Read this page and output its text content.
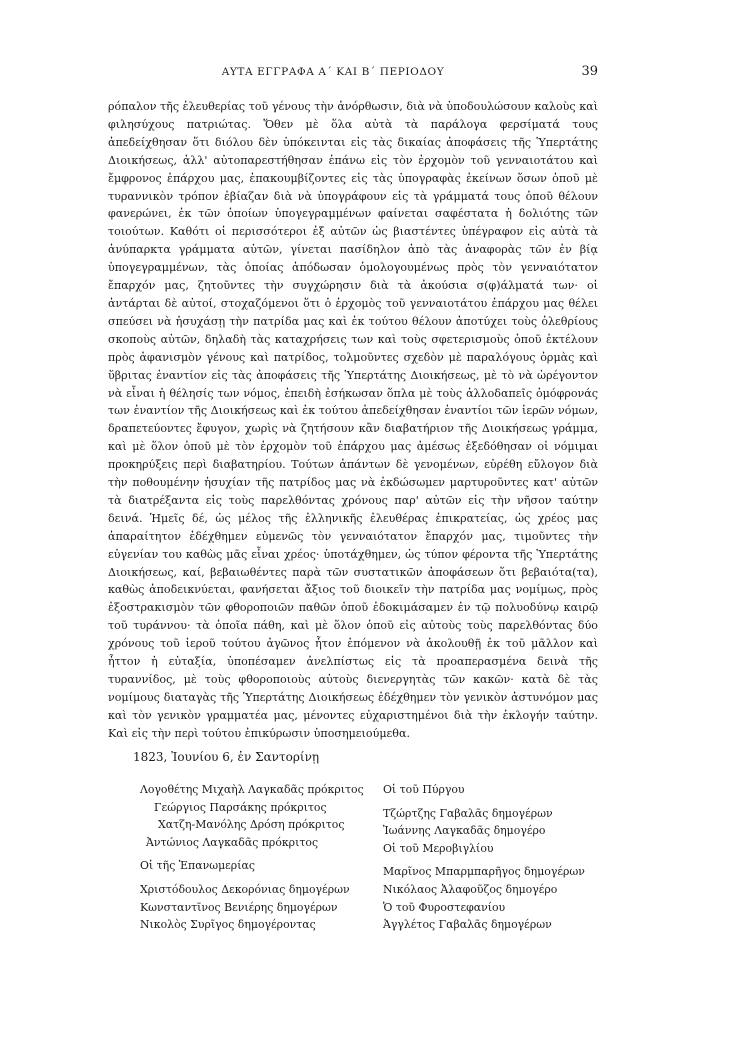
ΑΥΤΑ ΕΓΓΡΑΦΑ Α΄ ΚΑΙ Β΄ ΠΕΡΙΟΔΟΥ	39

ρόπαλον τῆς ἐλευθερίας τοῦ γένους τὴν ἀνόρθωσιν, διὰ νὰ ὑποδουλώσουν καλοὺς καὶ φιλησύχους πατριώτας. Ὅθεν μὲ ὅλα αὐτὰ τὰ παράλογα φερσίματά τους ἀπεδείχθησαν ὅτι διόλου δὲν ὑπόκεινται εἰς τὰς δικαίας ἀποφάσεις τῆς Ὑπερτάτης Διοικήσεως, ἀλλ' αὐτοπαρεστήθησαν ἐπάνω εἰς τὸν ἐρχομὸν τοῦ γενναιοτάτου καὶ ἔμφρονος ἐπάρχου μας, ἐπακουμβίζοντες εἰς τὰς ὑπογραφὰς ἐκείνων ὅσων ὁποῦ μὲ τυραννικὸν τρόπον ἐβίαζαν διὰ νὰ ὑπογράφουν εἰς τὰ γράμματά τους ὁποῦ θέλουν φανερώνει, ἐκ τῶν ὁποίων ὑπογεγραμμένων φαίνεται σαφέστατα ἡ δολιότης τῶν τοιούτων. Καθότι οἱ περισσότεροι ἐξ αὐτῶν ὡς βιαστέντες ὑπέγραφον εἰς αὐτὰ τὰ ἀνύπαρκτα γράμματα αὐτῶν, γίνεται πασίδηλον ἀπὸ τὰς ἀναφορὰς τῶν ἐν βίᾳ ὑπογεγραμμένων, τὰς ὁποίας ἀπόδωσαν ὁμολογουμένως πρὸς τὸν γενναιότατον ἔπαρχόν μας, ζητοῦντες τὴν συγχώρησιν διὰ τὰ ἀκούσια σ(φ)άλματά των· οἱ ἀντάρται δὲ αὐτοί, στοχαζόμενοι ὅτι ὁ ἐρχομὸς τοῦ γενναιοτάτου ἐπάρχου μας θέλει σπεύσει νὰ ἡσυχάσῃ τὴν πατρίδα μας καὶ ἐκ τούτου θέλουν ἀποτύχει τοὺς ὀλεθρίους σκοποὺς αὐτῶν, δηλαδὴ τὰς καταχρήσεις των καὶ τοὺς σφετερισμοὺς ὁποῦ ἐκτέλουν πρὸς ἀφανισμὸν γένους καὶ πατρίδος, τολμοῦντες σχεδὸν μὲ παραλόγους ὁρμὰς καὶ ὕβριτας ἐναντίον εἰς τὰς ἀποφάσεις τῆς Ὑπερτάτης Διοικήσεως, μὲ τὸ νὰ ὠρέγοντον νὰ εἶναι ἡ θέλησίς των νόμος, ἐπειδὴ ἐσήκωσαν ὅπλα μὲ τοὺς ἀλλοδαπεῖς ὁμόφρονάς των ἐναντίον τῆς Διοικήσεως καὶ ἐκ τούτου ἀπεδείχθησαν ἐναντίοι τῶν ἱερῶν νόμων, δραπετεύοντες ἔφυγον, χωρὶς νὰ ζητήσουν κἂν διαβατήριον τῆς Διοικήσεως γράμμα, καὶ μὲ ὅλον ὁποῦ μὲ τὸν ἐρχομὸν τοῦ ἐπάρχου μας ἀμέσως ἐξεδόθησαν οἱ νόμιμαι προκηρύξεις περὶ διαβατηρίου. Τούτων ἁπάντων δὲ γενομένων, εὑρέθη εὔλογον διὰ τὴν ποθουμένην ἡσυχίαν τῆς πατρίδος μας νὰ ἐκδώσωμεν μαρτυροῦντες κατ' αὐτῶν τὰ διατρέξαντα εἰς τοὺς παρελθόντας χρόνους παρ' αὐτῶν εἰς τὴν νῆσον ταύτην δεινά. Ἡμεῖς δέ, ὡς μέλος τῆς ἑλληνικῆς ἐλευθέρας ἐπικρατείας, ὡς χρέος μας ἀπαραίτητον ἐδέχθημεν εὐμενῶς τὸν γενναιότατον ἔπαρχόν μας, τιμοῦντες τὴν εὐγενίαν του καθὼς μᾶς εἶναι χρέος· ὑποτάχθημεν, ὡς τύπον φέροντα τῆς Ὑπερτάτης Διοικήσεως, καί, βεβαιωθέντες παρὰ τῶν συστατικῶν ἀποφάσεων ὅτι βεβαιότα(τα), καθὼς ἀποδεικνύεται, φανήσεται ἄξιος τοῦ διοικεῖν τὴν πατρίδα μας νομίμως, πρὸς ἐξοστρακισμὸν τῶν φθοροποιῶν παθῶν ὁποῦ ἐδοκιμάσαμεν ἐν τῷ πολυοδύνῳ καιρῷ τοῦ τυράννου· τὰ ὁποῖα πάθη, καὶ μὲ ὅλον ὁποῦ εἰς αὐτοὺς τοὺς παρελθόντας δύο χρόνους τοῦ ἱεροῦ τούτου ἀγῶνος ἦτον ἑπόμενον νὰ ἀκολουθῇ ἐκ τοῦ μᾶλλον καὶ ἧττον ἡ εὐταξία, ὑποπέσαμεν ἀνελπίστως εἰς τὰ προαπερασμένα δεινὰ τῆς τυραννίδος, μὲ τοὺς φθοροποιοὺς αὐτοὺς διενεργητὰς τῶν κακῶν· κατὰ δὲ τὰς νομίμους διαταγὰς τῆς Ὑπερτάτης Διοικήσεως ἐδέχθημεν τὸν γενικὸν ἀστυνόμον μας καὶ τὸν γενικὸν γραμματέα μας, μένοντες εὐχαριστημένοι διὰ τὴν ἐκλογήν ταύτην. Καὶ εἰς τὴν περὶ τούτου ἐπικύρωσιν ὑποσημειούμεθα.

1823, Ἰουνίου 6, ἐν Σαντορίνῃ
Λογοθέτης Μιχαὴλ Λαγκαδᾶς πρόκριτος
Γεώργιος Παρσάκης πρόκριτος
Χατζη-Μανόλης Δρόση πρόκριτος
Ἀντώνιος Λαγκαδᾶς πρόκριτος
Οἱ τῆς Ἐπανωμερίας
Χριστόδουλος Δεκορόνιας δημογέρων
Κωνσταντῖνος Βενιέρης δημογέρων
Νικολὸς Συρῖγος δημογέροντας
Οἱ τοῦ Πύργου
Τζώρτζης Γαβαλᾶς δημογέρων
Ἰωάννης Λαγκαδᾶς δημογέρο
Οἱ τοῦ Μεροβιγλίου
Μαρῖνος Μπαρμπαρῆγος δημογέρων
Νικόλαος Ἀλαφοῦζος δημογέρο
Ὁ τοῦ Φυροστεφανίου
Ἀγγλέτος Γαβαλᾶς δημογέρων
